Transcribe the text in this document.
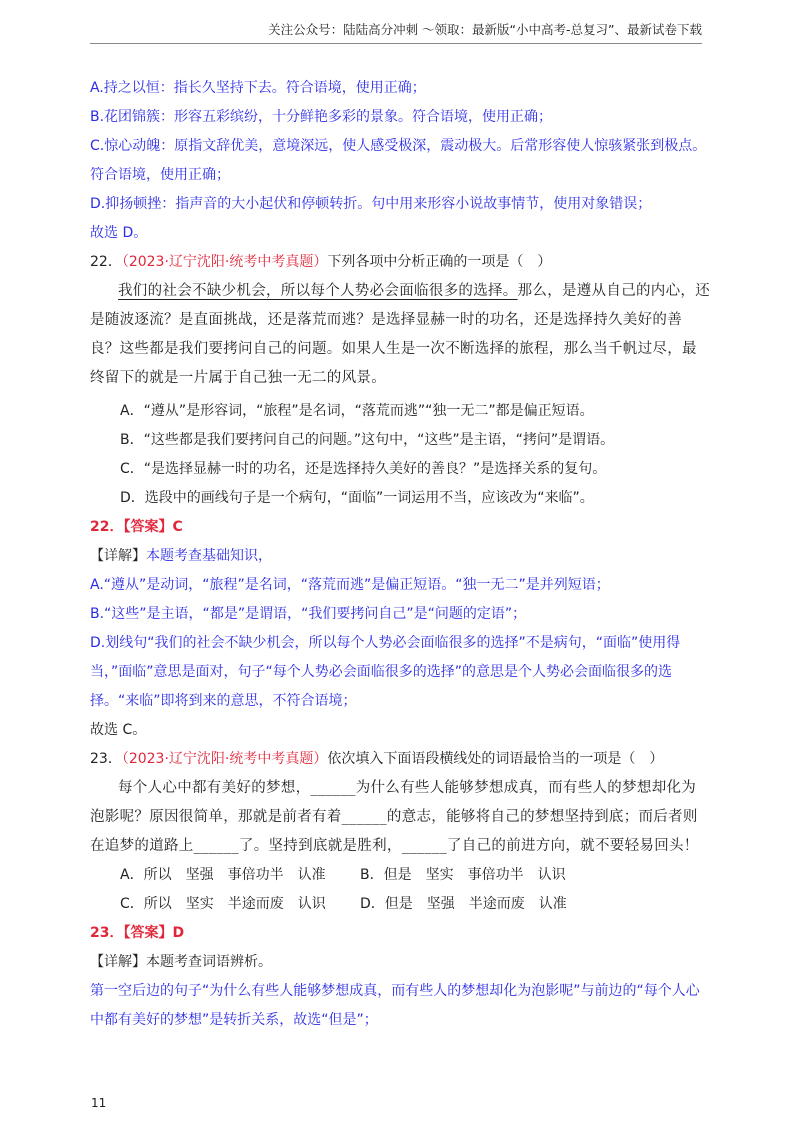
关注公众号：陆陆高分冲刺 〜领取：最新版“小中高考-总复习”、最新试卷下载
A.持之以恒：指长久坚持下去。符合语境，使用正确；
B.花团锦簇：形容五彩缤纷，十分鲜艳多彩的景象。符合语境，使用正确；
C.惊心动魄：原指文辞优美，意境深远，使人感受极深，震动极大。后常形容使人惊骇紧张到极点。符合语境，使用正确；
D.抑扬顿挫：指声音的大小起伏和停顿转折。句中用来形容小说故事情节，使用对象错误；
故选 D。
22．（2023·辽宁沈阳·统考中考真题）下列各项中分析正确的一项是（　）
我们的社会不缺少机会，所以每个人势必会面临很多的选择。那么，是遵从自己的内心，还是随波逐流？是直面挑战，还是落荒而逃？是选择显赫一时的功名，还是选择持久美好的善良？这些都是我们要拷问自己的问题。如果人生是一次不断选择的旅程，那么当千帆过尽，最终留下的就是一片属于自己独一无二的风景。
A．“遵从”是形容词，“旅程”是名词，“落荒而逃”“独一无二”都是偏正短语。
B．“这些都是我们要拷问自己的问题。”这句中，“这些”是主语，“拷问”是谓语。
C．“是选择显赫一时的功名，还是选择持久美好的善良？”是选择关系的复句。
D．选段中的画线句子是一个病句，“面临”一词运用不当，应该改为“来临”。
22．【答案】C
【详解】本题考查基础知识，
A.“遵从”是动词，“旅程”是名词，“落荒而逃”是偏正短语。“独一无二”是并列短语；
B.“这些”是主语，“都是”是谓语，“我们要拷问自己”是“问题的定语”；
D.划线句“我们的社会不缺少机会，所以每个人势必会面临很多的选择”不是病句，“面临”使用得当，”面临”意思是面对，句子“每个人势必会面临很多的选择”的意思是个人势必会面临很多的选择。“来临”即将到来的意思，不符合语境；
故选 C。
23．（2023·辽宁沈阳·统考中考真题）依次填入下面语段横线处的词语最恰当的一项是（　）
每个人心中都有美好的梦想，______为什么有些人能够梦想成真，而有些人的梦想却化为泡影呢？原因很简单，那就是前者有着______的意志，能够将自己的梦想坚持到底；而后者则在追梦的道路上______了。坚持到底就是胜利，______了自己的前进方向，就不要轻易回头！
A．所以　坚强　事倍功半　认准	B．但是　坚实　事倍功半　认识
C．所以　坚实　半途而废　认识	D．但是　坚强　半途而废　认准
23．【答案】D
【详解】本题考查词语辨析。
第一空后边的句子“为什么有些人能够梦想成真，而有些人的梦想却化为泡影呢”与前边的“每个人心中都有美好的梦想”是转折关系，故选“但是”；
11
